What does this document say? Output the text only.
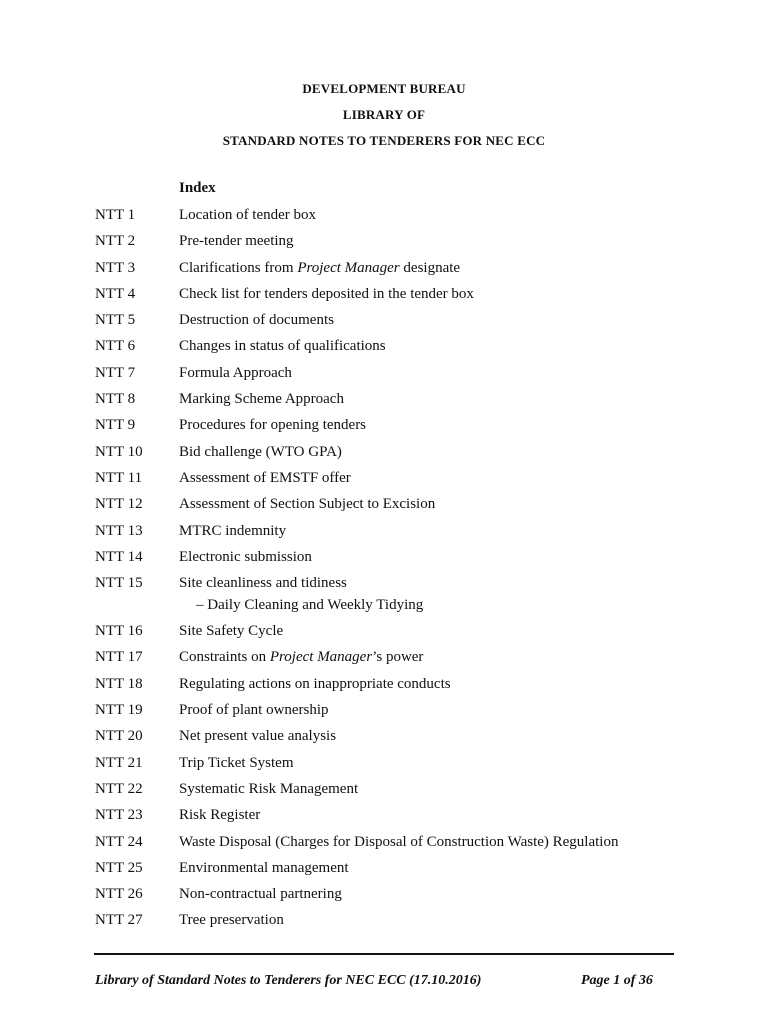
DEVELOPMENT BUREAU
LIBRARY OF
STANDARD NOTES TO TENDERERS FOR NEC ECC
Index
NTT 1	Location of tender box
NTT 2	Pre-tender meeting
NTT 3	Clarifications from Project Manager designate
NTT 4	Check list for tenders deposited in the tender box
NTT 5	Destruction of documents
NTT 6	Changes in status of qualifications
NTT 7	Formula Approach
NTT 8	Marking Scheme Approach
NTT 9	Procedures for opening tenders
NTT 10 Bid challenge (WTO GPA)
NTT 11 Assessment of EMSTF offer
NTT 12 Assessment of Section Subject to Excision
NTT 13 MTRC indemnity
NTT 14 Electronic submission
NTT 15 Site cleanliness and tidiness
– Daily Cleaning and Weekly Tidying
NTT 16 Site Safety Cycle
NTT 17 Constraints on Project Manager’s power
NTT 18 Regulating actions on inappropriate conducts
NTT 19 Proof of plant ownership
NTT 20 Net present value analysis
NTT 21 Trip Ticket System
NTT 22 Systematic Risk Management
NTT 23 Risk Register
NTT 24 Waste Disposal (Charges for Disposal of Construction Waste) Regulation
NTT 25 Environmental management
NTT 26 Non-contractual partnering
NTT 27 Tree preservation
Library of Standard Notes to Tenderers for NEC ECC (17.10.2016)	Page 1 of 36
